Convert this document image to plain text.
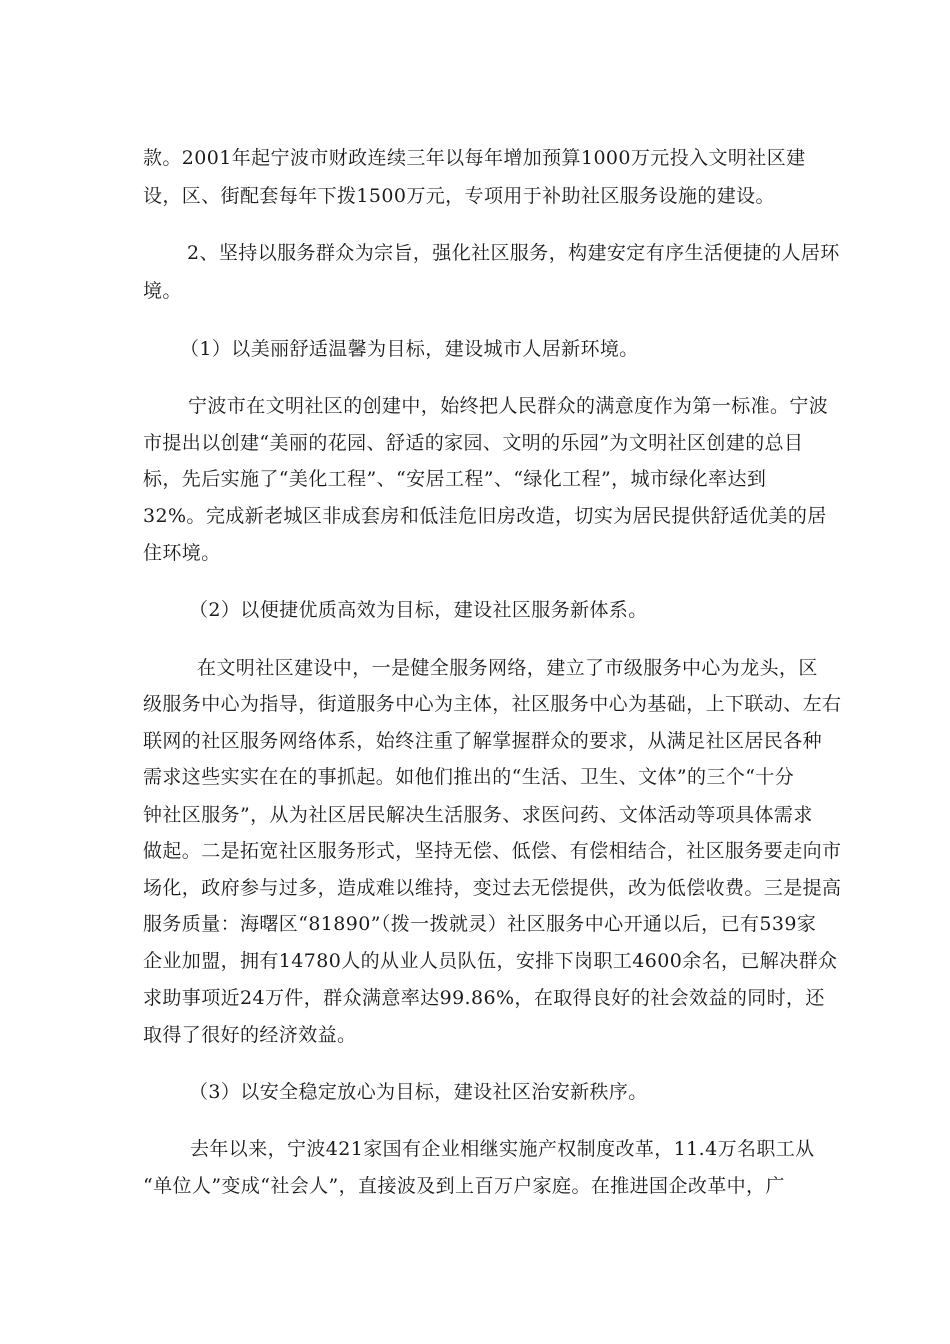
款。2001年起宁波市财政连续三年以每年增加预算1000万元投入文明社区建
设，区、街配套每年下拨1500万元，专项用于补助社区服务设施的建设。
2、坚持以服务群众为宗旨，强化社区服务，构建安定有序生活便捷的人居环
境。
（1）以美丽舒适温馨为目标，建设城市人居新环境。
宁波市在文明社区的创建中，始终把人民群众的满意度作为第一标准。宁波
市提出以创建“美丽的花园、舒适的家园、文明的乐园”为文明社区创建的总目
标，先后实施了“美化工程”、“安居工程”、“绿化工程”，城市绿化率达到
32%。完成新老城区非成套房和低洼危旧房改造，切实为居民提供舒适优美的居
住环境。
（2）以便捷优质高效为目标，建设社区服务新体系。
在文明社区建设中，一是健全服务网络，建立了市级服务中心为龙头，区
级服务中心为指导，街道服务中心为主体，社区服务中心为基础，上下联动、左右
联网的社区服务网络体系，始终注重了解掌握群众的要求，从满足社区居民各种
需求这些实实在在的事抓起。如他们推出的“生活、卫生、文体”的三个“十分
钟社区服务”，从为社区居民解决生活服务、求医问药、文体活动等项具体需求
做起。二是拓宽社区服务形式，坚持无偿、低偿、有偿相结合，社区服务要走向市
场化，政府参与过多，造成难以维持，变过去无偿提供，改为低偿收费。三是提高
服务质量：海曙区“81890”（拨一拨就灵）社区服务中心开通以后，已有539家
企业加盟，拥有14780人的从业人员队伍，安排下岗职工4600余名，已解决群众
求助事项近24万件，群众满意率达99.86%，在取得良好的社会效益的同时，还
取得了很好的经济效益。
（3）以安全稳定放心为目标，建设社区治安新秩序。
去年以来，宁波421家国有企业相继实施产权制度改革，11.4万名职工从
“单位人”变成“社会人”，直接波及到上百万户家庭。在推进国企改革中，广
